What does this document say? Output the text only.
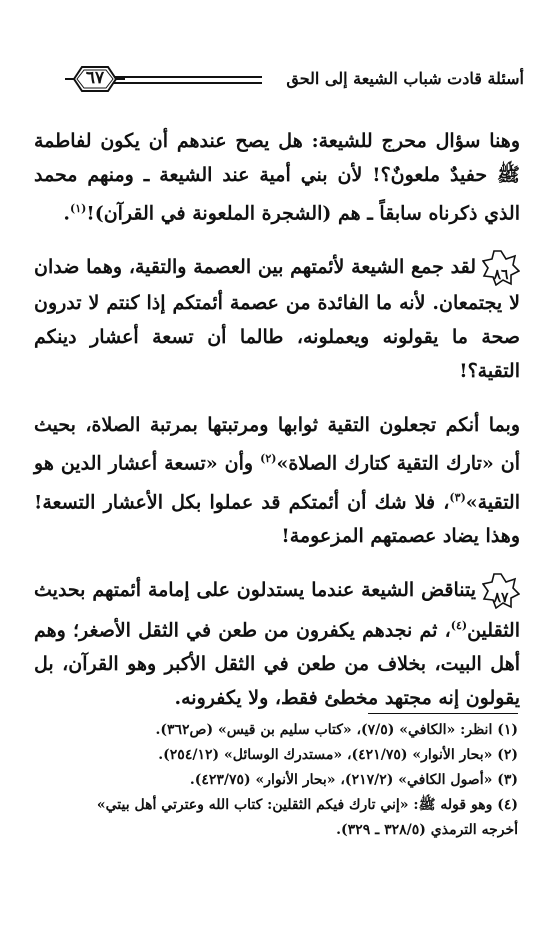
٦٧	أسئلة قادت شباب الشيعة إلى الحق

وهنا سؤال محرج للشيعة: هل يصح عندهم أن يكون لفاطمة ﷺ حفيدٌ ملعونٌ؟! لأن بني أمية عند الشيعة ـ ومنهم محمد الذي ذكرناه سابقاً ـ هم (الشجرة الملعونة في القرآن)!$^{(١)}$.

٨٦
لقد جمع الشيعة لأئمتهم بين العصمة والتقية، وهما ضدان لا يجتمعان. لأنه ما الفائدة من عصمة أئمتكم إذا كنتم لا تدرون صحة ما يقولونه ويعملونه، طالما أن تسعة أعشار دينكم التقية؟!

وبما أنكم تجعلون التقية ثوابها ومرتبتها بمرتبة الصلاة، بحيث أن «تارك التقية كتارك الصلاة»$^{(٢)}$ وأن «تسعة أعشار الدين هو التقية»$^{(٣)}$، فلا شك أن أئمتكم قد عملوا بكل الأعشار التسعة! وهذا يضاد عصمتهم المزعومة!

٨٧
يتناقض الشيعة عندما يستدلون على إمامة أئمتهم بحديث الثقلين$^{(٤)}$، ثم نجدهم يكفرون من طعن في الثقل الأصغر؛ وهم أهل البيت، بخلاف من طعن في الثقل الأكبر وهو القرآن، بل يقولون إنه مجتهد مخطئ فقط، ولا يكفرونه.

(١) انظر: «الكافي» (٧/٥)، «كتاب سليم بن قيس» (ص٣٦٢).
(٢) «بحار الأنوار» (٤٢١/٧٥)، «مستدرك الوسائل» (٢٥٤/١٢).
(٣) «أصول الكافي» (٢١٧/٢)، «بحار الأنوار» (٤٢٣/٧٥).
(٤) وهو قوله ﷺ: «إني تارك فيكم الثقلين: كتاب الله وعترتي أهل بيتي»
أخرجه الترمذي (٣٢٨/٥ ـ ٣٢٩).
